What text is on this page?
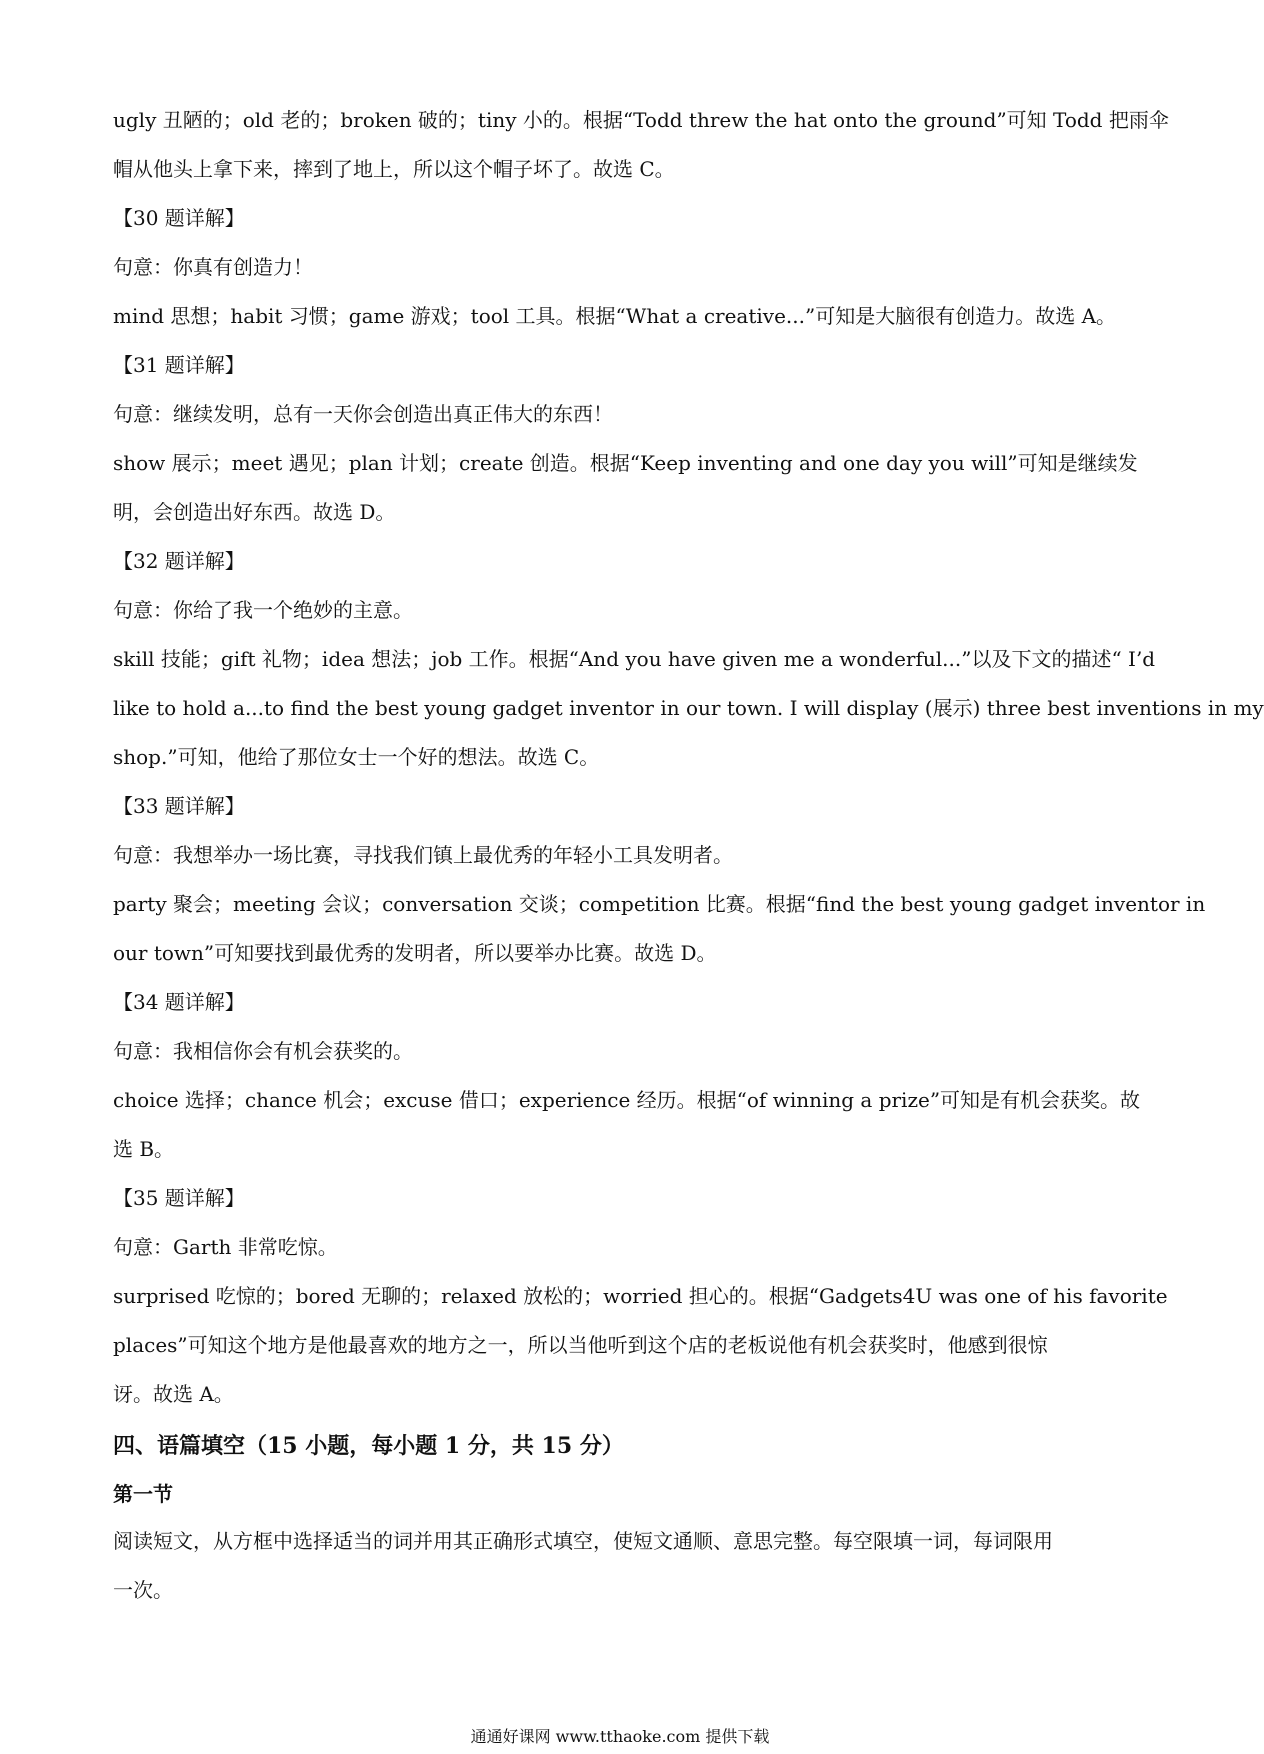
ugly 丑陋的；old 老的；broken 破的；tiny 小的。根据“Todd threw the hat onto the ground”可知 Todd 把雨伞
帽从他头上拿下来，摔到了地上，所以这个帽子坏了。故选 C。
【30 题详解】
句意：你真有创造力！
mind 思想；habit 习惯；game 游戏；tool 工具。根据“What a creative...”可知是大脑很有创造力。故选 A。
【31 题详解】
句意：继续发明，总有一天你会创造出真正伟大的东西！
show 展示；meet 遇见；plan 计划；create 创造。根据“Keep inventing and one day you will”可知是继续发
明，会创造出好东西。故选 D。
【32 题详解】
句意：你给了我一个绝妙的主意。
skill 技能；gift 礼物；idea 想法；job 工作。根据“And you have given me a wonderful...”以及下文的描述“ I’d
like to hold a...to find the best young gadget inventor in our town. I will display (展示) three best inventions in my
shop.”可知，他给了那位女士一个好的想法。故选 C。
【33 题详解】
句意：我想举办一场比赛，寻找我们镇上最优秀的年轻小工具发明者。
party 聚会；meeting 会议；conversation 交谈；competition 比赛。根据“find the best young gadget inventor in
our town”可知要找到最优秀的发明者，所以要举办比赛。故选 D。
【34 题详解】
句意：我相信你会有机会获奖的。
choice 选择；chance 机会；excuse 借口；experience 经历。根据“of winning a prize”可知是有机会获奖。故
选 B。
【35 题详解】
句意：Garth 非常吃惊。
surprised 吃惊的；bored 无聊的；relaxed 放松的；worried 担心的。根据“Gadgets4U was one of his favorite
places”可知这个地方是他最喜欢的地方之一，所以当他听到这个店的老板说他有机会获奖时，他感到很惊
讶。故选 A。
四、语篇填空（15 小题，每小题 1 分，共 15 分）
第一节
阅读短文，从方框中选择适当的词并用其正确形式填空，使短文通顺、意思完整。每空限填一词，每词限用
一次。
通通好课网 www.tthaoke.com 提供下载
